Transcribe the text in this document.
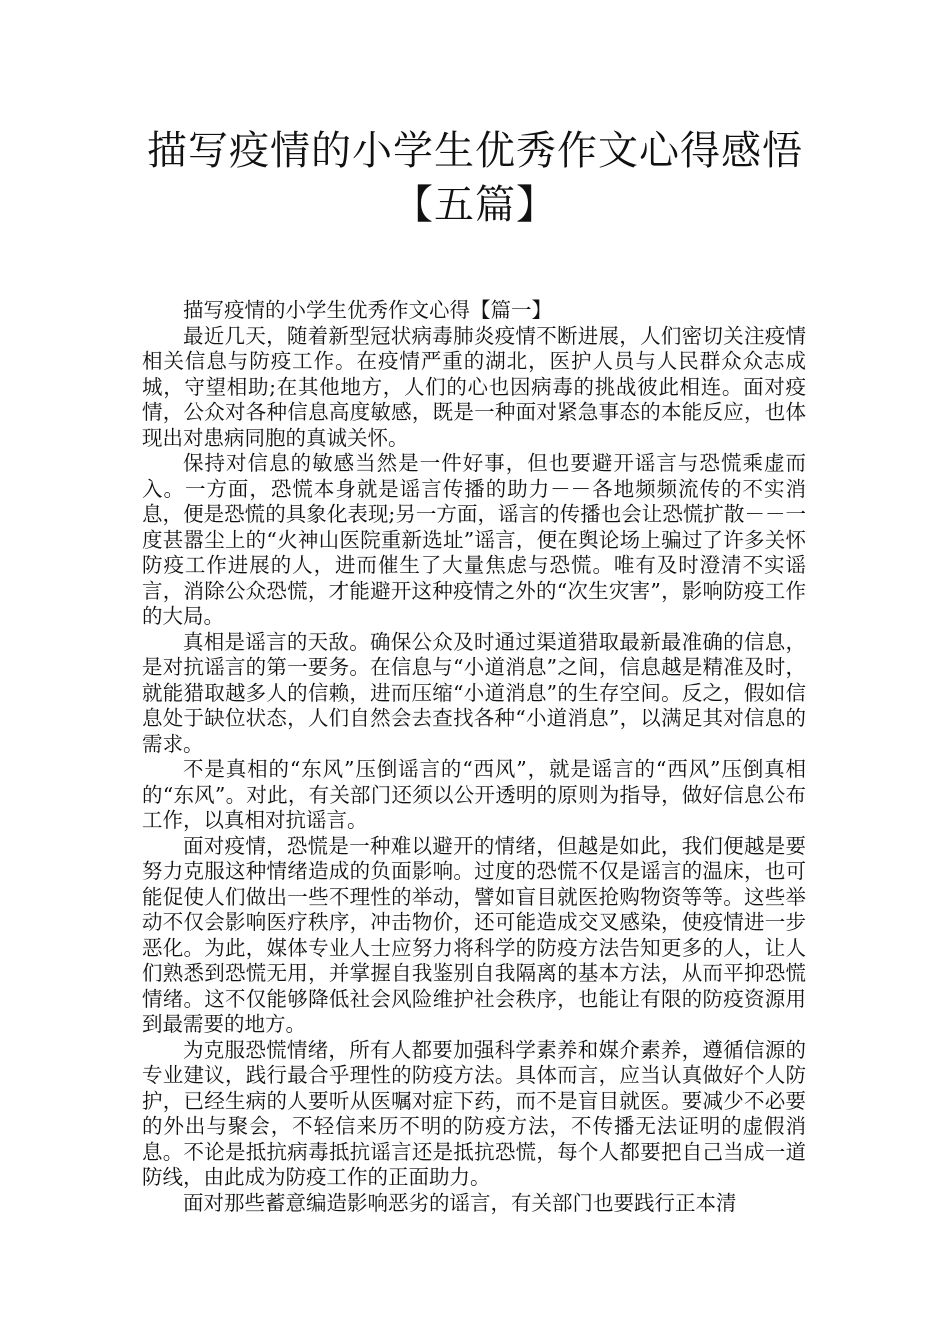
描写疫情的小学生优秀作文心得感悟
【五篇】

描写疫情的小学生优秀作文心得【篇一】

最近几天，随着新型冠状病毒肺炎疫情不断进展，人们密切关注疫情相关信息与防疫工作。在疫情严重的湖北，医护人员与人民群众众志成城，守望相助;在其他地方，人们的心也因病毒的挑战彼此相连。面对疫情，公众对各种信息高度敏感，既是一种面对紧急事态的本能反应，也体现出对患病同胞的真诚关怀。

保持对信息的敏感当然是一件好事，但也要避开谣言与恐慌乘虚而入。一方面，恐慌本身就是谣言传播的助力－－各地频频流传的不实消息，便是恐慌的具象化表现;另一方面，谣言的传播也会让恐慌扩散－－一度甚嚣尘上的“火神山医院重新选址”谣言，便在舆论场上骗过了许多关怀防疫工作进展的人，进而催生了大量焦虑与恐慌。唯有及时澄清不实谣言，消除公众恐慌，才能避开这种疫情之外的“次生灾害”，影响防疫工作的大局。

真相是谣言的天敌。确保公众及时通过渠道猎取最新最准确的信息，是对抗谣言的第一要务。在信息与“小道消息”之间，信息越是精准及时，就能猎取越多人的信赖，进而压缩“小道消息”的生存空间。反之，假如信息处于缺位状态，人们自然会去查找各种“小道消息”，以满足其对信息的需求。

不是真相的“东风”压倒谣言的“西风”，就是谣言的“西风”压倒真相的“东风”。对此，有关部门还须以公开透明的原则为指导，做好信息公布工作，以真相对抗谣言。

面对疫情，恐慌是一种难以避开的情绪，但越是如此，我们便越是要努力克服这种情绪造成的负面影响。过度的恐慌不仅是谣言的温床，也可能促使人们做出一些不理性的举动，譬如盲目就医抢购物资等等。这些举动不仅会影响医疗秩序，冲击物价，还可能造成交叉感染，使疫情进一步恶化。为此，媒体专业人士应努力将科学的防疫方法告知更多的人，让人们熟悉到恐慌无用，并掌握自我鉴别自我隔离的基本方法，从而平抑恐慌情绪。这不仅能够降低社会风险维护社会秩序，也能让有限的防疫资源用到最需要的地方。

为克服恐慌情绪，所有人都要加强科学素养和媒介素养，遵循信源的专业建议，践行最合乎理性的防疫方法。具体而言，应当认真做好个人防护，已经生病的人要听从医嘱对症下药，而不是盲目就医。要减少不必要的外出与聚会，不轻信来历不明的防疫方法，不传播无法证明的虚假消息。不论是抵抗病毒抵抗谣言还是抵抗恐慌，每个人都要把自己当成一道防线，由此成为防疫工作的正面助力。

面对那些蓄意编造影响恶劣的谣言，有关部门也要践行正本清
